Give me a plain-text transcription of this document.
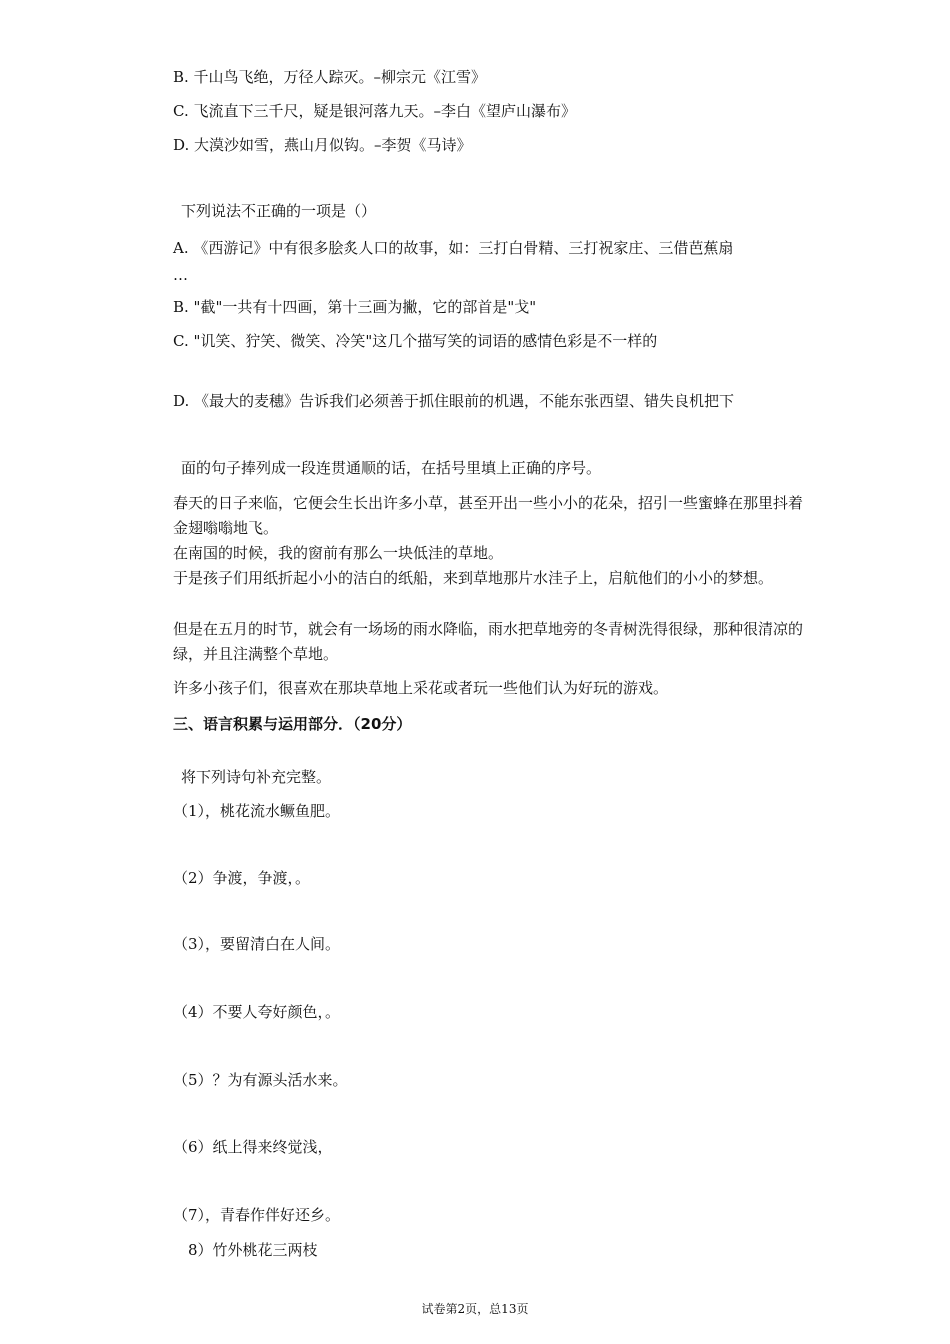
B. 千山鸟飞绝，万径人踪灭。–柳宗元《江雪》
C. 飞流直下三千尺，疑是银河落九天。–李白《望庐山瀑布》
D. 大漠沙如雪，燕山月似钩。–李贺《马诗》
下列说法不正确的一项是（）
A. 《西游记》中有很多脍炙人口的故事，如：三打白骨精、三打祝家庄、三借芭蕉扇
…
B. "截"一共有十四画，第十三画为撇，它的部首是"戈"
C. "讥笑、狞笑、微笑、冷笑"这几个描写笑的词语的感情色彩是不一样的
D. 《最大的麦穗》告诉我们必须善于抓住眼前的机遇，不能东张西望、错失良机把下
面的句子捧列成一段连贯通顺的话，在括号里填上正确的序号。
春天的日子来临，它便会生长出许多小草，甚至开出一些小小的花朵，招引一些蜜蜂在那里抖着金翅嗡嗡地飞。
在南国的时候，我的窗前有那么一块低洼的草地。
于是孩子们用纸折起小小的洁白的纸船，来到草地那片水洼子上，启航他们的小小的梦想。
但是在五月的时节，就会有一场场的雨水降临，雨水把草地旁的冬青树洗得很绿，那种很清凉的绿，并且注满整个草地。
许多小孩子们，很喜欢在那块草地上采花或者玩一些他们认为好玩的游戏。
三、语言积累与运用部分．（20分）
将下列诗句补充完整。
（1），桃花流水鳜鱼肥。
（2）争渡，争渡，。
（3），要留清白在人间。
（4）不要人夸好颜色，。
（5）？为有源头活水来。
（6）纸上得来终觉浅，
（7），青春作伴好还乡。
8）竹外桃花三两枝
试卷第2页，总13页
